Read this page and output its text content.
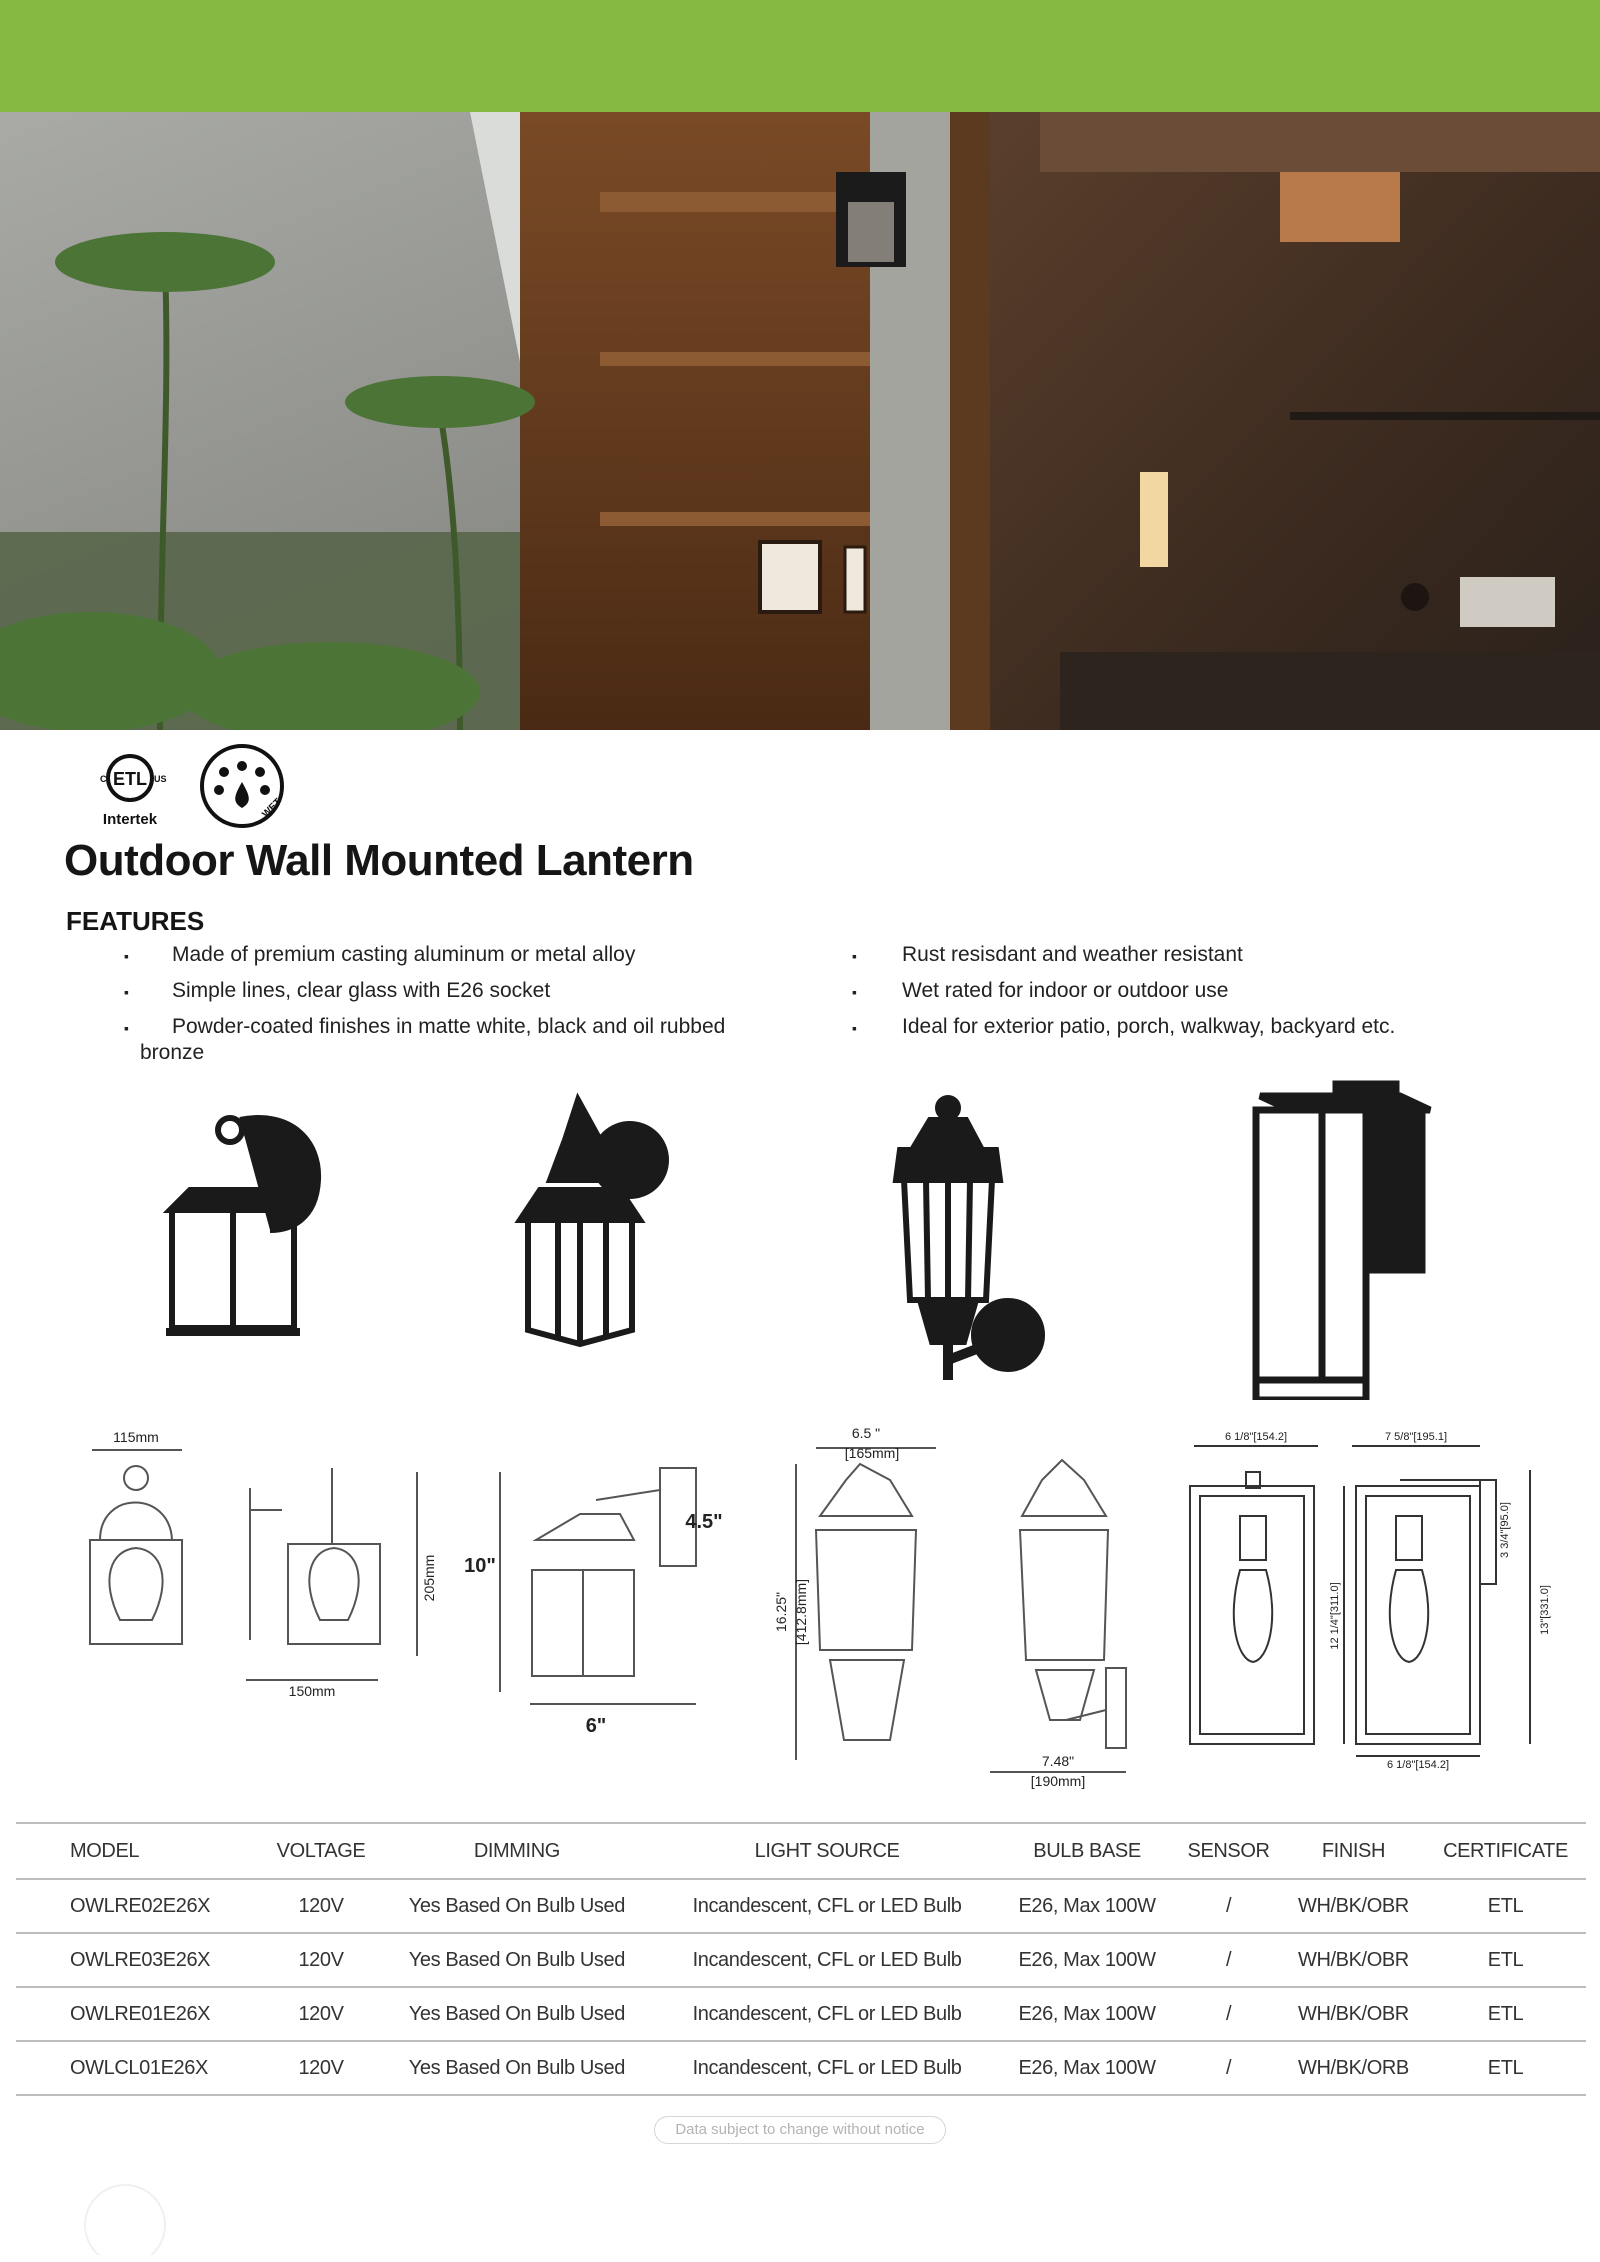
ETL
C	US
Intertek	WET
Outdoor Wall Mounted Lantern
FEATURES
▪ Made of premium casting aluminum or metal alloy
▪ Simple lines, clear glass with E26 socket
▪ Powder-coated finishes in matte white, black and oil rubbed
bronze
▪ Rust resisdant and weather resistant
▪ Wet rated for indoor or outdoor use
▪ Ideal for exterior patio, porch, walkway, backyard etc.
115mm
205mm
150mm
10"
4.5"
6"
6.5 "
[165mm]
16.25" [412.8mm]
7.48"
[190mm]
6 1/8"[154.2]	7 5/8"[195.1]
12 1/4"[311.0]	13"[331.0]
3 3/4"[95.0]
6 1/8"[154.2]
MODEL	VOLTAGE	DIMMING	LIGHT SOURCE	BULB BASE	SENSOR	FINISH	CERTIFICATE
OWLRE02E26X	120V	Yes Based On Bulb Used	Incandescent, CFL or LED Bulb	E26, Max 100W	/	WH/BK/OBR	ETL
OWLRE03E26X	120V	Yes Based On Bulb Used	Incandescent, CFL or LED Bulb	E26, Max 100W	/	WH/BK/OBR	ETL
OWLRE01E26X	120V	Yes Based On Bulb Used	Incandescent, CFL or LED Bulb	E26, Max 100W	/	WH/BK/OBR	ETL
OWLCL01E26X	120V	Yes Based On Bulb Used	Incandescent, CFL or LED Bulb	E26, Max 100W	/	WH/BK/ORB	ETL
Data subject to change without notice
